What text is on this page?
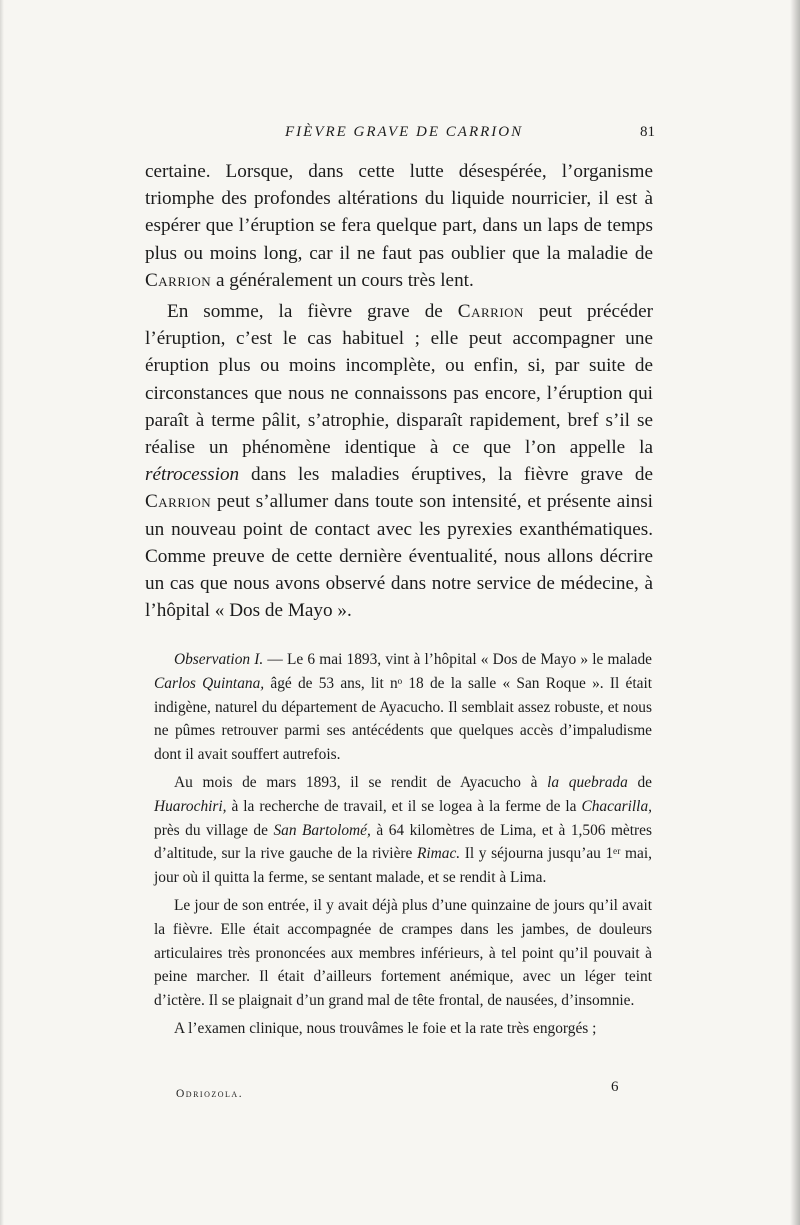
FIÈVRE GRAVE DE CARRION	81

certaine. Lorsque, dans cette lutte désespérée, l’organisme triomphe des profondes altérations du liquide nourricier, il est à espérer que l’éruption se fera quelque part, dans un laps de temps plus ou moins long, car il ne faut pas oublier que la maladie de Carrion a généralement un cours très lent.

En somme, la fièvre grave de Carrion peut précéder l’éruption, c’est le cas habituel ; elle peut accompagner une éruption plus ou moins incomplète, ou enfin, si, par suite de circonstances que nous ne connaissons pas encore, l’éruption qui paraît à terme pâlit, s’atrophie, disparaît rapidement, bref s’il se réalise un phénomène identique à ce que l’on appelle la rétrocession dans les maladies éruptives, la fièvre grave de Carrion peut s’allumer dans toute son intensité, et présente ainsi un nouveau point de contact avec les pyrexies exanthématiques. Comme preuve de cette dernière éventualité, nous allons décrire un cas que nous avons observé dans notre service de médecine, à l’hôpital « Dos de Mayo ».

Observation I. — Le 6 mai 1893, vint à l’hôpital « Dos de Mayo » le malade Carlos Quintana, âgé de 53 ans, lit nᵒ 18 de la salle « San Roque ». Il était indigène, naturel du département de Ayacucho. Il semblait assez robuste, et nous ne pûmes retrouver parmi ses antécédents que quelques accès d’impaludisme dont il avait souffert autrefois.

Au mois de mars 1893, il se rendit de Ayacucho à la quebrada de Huarochiri, à la recherche de travail, et il se logea à la ferme de la Chacarilla, près du village de San Bartolomé, à 64 kilomètres de Lima, et à 1,506 mètres d’altitude, sur la rive gauche de la rivière Rimac. Il y séjourna jusqu’au 1ᵉʳ mai, jour où il quitta la ferme, se sentant malade, et se rendit à Lima.

Le jour de son entrée, il y avait déjà plus d’une quinzaine de jours qu’il avait la fièvre. Elle était accompagnée de crampes dans les jambes, de douleurs articulaires très prononcées aux membres inférieurs, à tel point qu’il pouvait à peine marcher. Il était d’ailleurs fortement anémique, avec un léger teint d’ictère. Il se plaignait d’un grand mal de tête frontal, de nausées, d’insomnie.

A l’examen clinique, nous trouvâmes le foie et la rate très engorgés ;

Odriozola.	6
